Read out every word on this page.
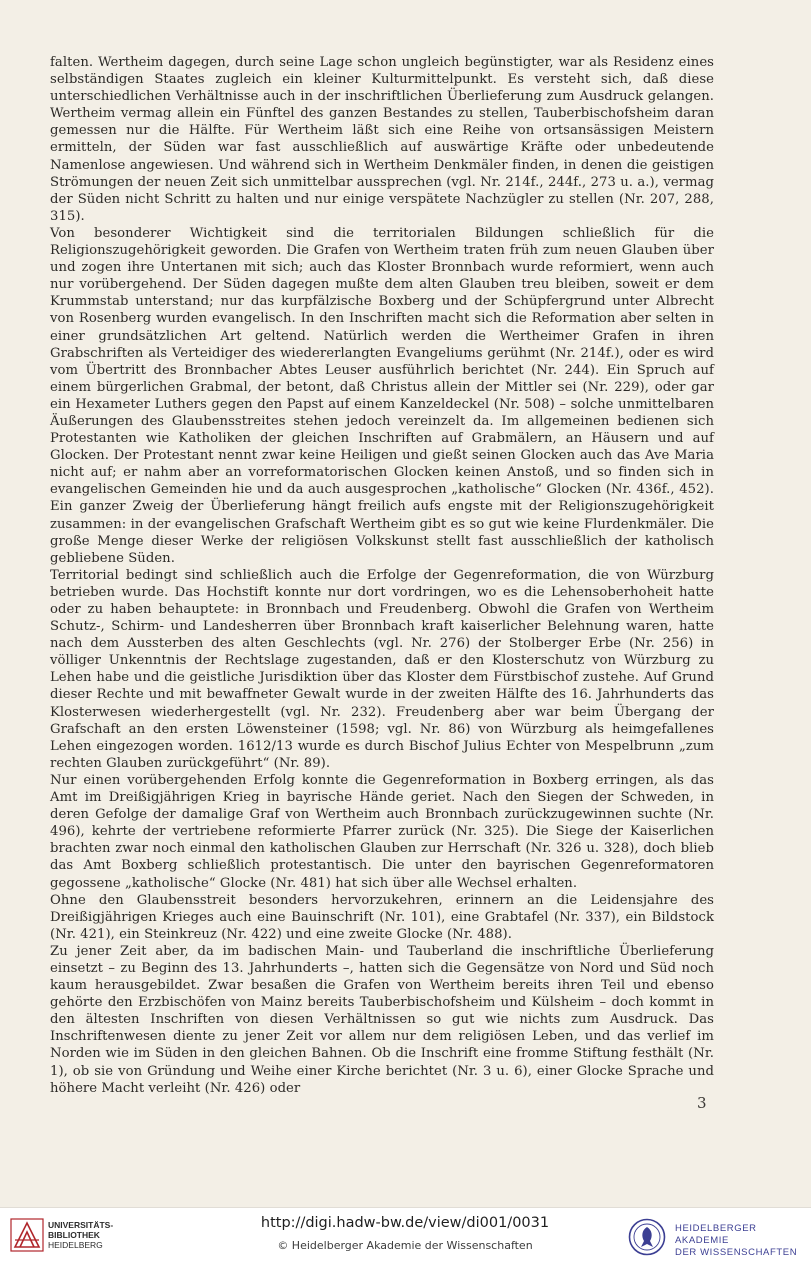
falten. Wertheim dagegen, durch seine Lage schon ungleich begünstigter, war als Residenz eines selbständigen Staates zugleich ein kleiner Kulturmittelpunkt. Es versteht sich, daß diese unterschiedlichen Verhältnisse auch in der inschriftlichen Überlieferung zum Ausdruck gelangen. Wertheim vermag allein ein Fünftel des ganzen Bestandes zu stellen, Tauberbischofsheim daran gemessen nur die Hälfte. Für Wertheim läßt sich eine Reihe von ortsansässigen Meistern ermitteln, der Süden war fast ausschließlich auf auswärtige Kräfte oder unbedeutende Namenlose angewiesen. Und während sich in Wertheim Denkmäler finden, in denen die geistigen Strömungen der neuen Zeit sich unmittelbar aussprechen (vgl. Nr. 214f., 244f., 273 u. a.), vermag der Süden nicht Schritt zu halten und nur einige verspätete Nachzügler zu stellen (Nr. 207, 288, 315).

Von besonderer Wichtigkeit sind die territorialen Bildungen schließlich für die Religionszugehörigkeit geworden. Die Grafen von Wertheim traten früh zum neuen Glauben über und zogen ihre Untertanen mit sich; auch das Kloster Bronnbach wurde reformiert, wenn auch nur vorübergehend. Der Süden dagegen mußte dem alten Glauben treu bleiben, soweit er dem Krummstab unterstand; nur das kurpfälzische Boxberg und der Schüpfergrund unter Albrecht von Rosenberg wurden evangelisch. In den Inschriften macht sich die Reformation aber selten in einer grundsätzlichen Art geltend. Natürlich werden die Wertheimer Grafen in ihren Grabschriften als Verteidiger des wiedererlangten Evangeliums gerühmt (Nr. 214f.), oder es wird vom Übertritt des Bronnbacher Abtes Leuser ausführlich berichtet (Nr. 244). Ein Spruch auf einem bürgerlichen Grabmal, der betont, daß Christus allein der Mittler sei (Nr. 229), oder gar ein Hexameter Luthers gegen den Papst auf einem Kanzeldeckel (Nr. 508) – solche unmittelbaren Äußerungen des Glaubensstreites stehen jedoch vereinzelt da. Im allgemeinen bedienen sich Protestanten wie Katholiken der gleichen Inschriften auf Grabmälern, an Häusern und auf Glocken. Der Protestant nennt zwar keine Heiligen und gießt seinen Glocken auch das Ave Maria nicht auf; er nahm aber an vorreformatorischen Glocken keinen Anstoß, und so finden sich in evangelischen Gemeinden hie und da auch ausgesprochen „katholische“ Glocken (Nr. 436f., 452). Ein ganzer Zweig der Überlieferung hängt freilich aufs engste mit der Religionszugehörigkeit zusammen: in der evangelischen Grafschaft Wertheim gibt es so gut wie keine Flurdenkmäler. Die große Menge dieser Werke der religiösen Volkskunst stellt fast ausschließlich der katholisch gebliebene Süden.

Territorial bedingt sind schließlich auch die Erfolge der Gegenreformation, die von Würzburg betrieben wurde. Das Hochstift konnte nur dort vordringen, wo es die Lehensoberhoheit hatte oder zu haben behauptete: in Bronnbach und Freudenberg. Obwohl die Grafen von Wertheim Schutz-, Schirm- und Landesherren über Bronnbach kraft kaiserlicher Belehnung waren, hatte nach dem Aussterben des alten Geschlechts (vgl. Nr. 276) der Stolberger Erbe (Nr. 256) in völliger Unkenntnis der Rechtslage zugestanden, daß er den Klosterschutz von Würzburg zu Lehen habe und die geistliche Jurisdiktion über das Kloster dem Fürstbischof zustehe. Auf Grund dieser Rechte und mit bewaffneter Gewalt wurde in der zweiten Hälfte des 16. Jahrhunderts das Klosterwesen wiederhergestellt (vgl. Nr. 232). Freudenberg aber war beim Übergang der Grafschaft an den ersten Löwensteiner (1598; vgl. Nr. 86) von Würzburg als heimgefallenes Lehen eingezogen worden. 1612/13 wurde es durch Bischof Julius Echter von Mespelbrunn „zum rechten Glauben zurückgeführt“ (Nr. 89).

Nur einen vorübergehenden Erfolg konnte die Gegenreformation in Boxberg erringen, als das Amt im Dreißigjährigen Krieg in bayrische Hände geriet. Nach den Siegen der Schweden, in deren Gefolge der damalige Graf von Wertheim auch Bronnbach zurückzugewinnen suchte (Nr. 496), kehrte der vertriebene reformierte Pfarrer zurück (Nr. 325). Die Siege der Kaiserlichen brachten zwar noch einmal den katholischen Glauben zur Herrschaft (Nr. 326 u. 328), doch blieb das Amt Boxberg schließlich protestantisch. Die unter den bayrischen Gegenreformatoren gegossene „katholische“ Glocke (Nr. 481) hat sich über alle Wechsel erhalten.

Ohne den Glaubensstreit besonders hervorzukehren, erinnern an die Leidensjahre des Dreißigjährigen Krieges auch eine Bauinschrift (Nr. 101), eine Grabtafel (Nr. 337), ein Bildstock (Nr. 421), ein Steinkreuz (Nr. 422) und eine zweite Glocke (Nr. 488).

Zu jener Zeit aber, da im badischen Main- und Tauberland die inschriftliche Überlieferung einsetzt – zu Beginn des 13. Jahrhunderts –, hatten sich die Gegensätze von Nord und Süd noch kaum herausgebildet. Zwar besaßen die Grafen von Wertheim bereits ihren Teil und ebenso gehörte den Erzbischöfen von Mainz bereits Tauberbischofsheim und Külsheim – doch kommt in den ältesten Inschriften von diesen Verhältnissen so gut wie nichts zum Ausdruck. Das Inschriftenwesen diente zu jener Zeit vor allem nur dem religiösen Leben, und das verlief im Norden wie im Süden in den gleichen Bahnen. Ob die Inschrift eine fromme Stiftung festhält (Nr. 1), ob sie von Gründung und Weihe einer Kirche berichtet (Nr. 3 u. 6), einer Glocke Sprache und höhere Macht verleiht (Nr. 426) oder

3
UNIVERSITÄTS-
BIBLIOTHEK
HEIDELBERG
http://digi.hadw-bw.de/view/di001/0031
© Heidelberger Akademie der Wissenschaften
HEIDELBERGER AKADEMIE
DER WISSENSCHAFTEN
